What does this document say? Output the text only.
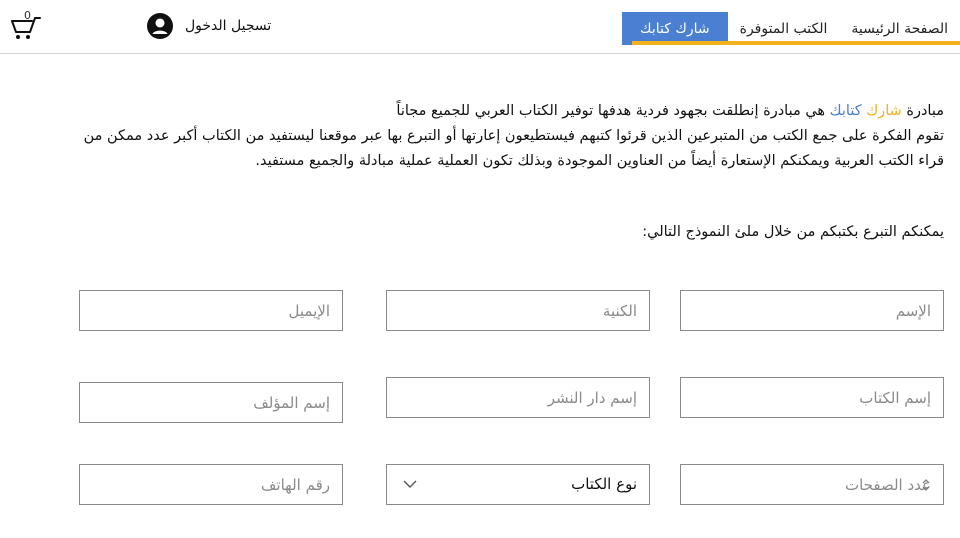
الصفحة الرئيسية
الكتب المتوفرة
شارك كتابك
تسجيل الدخول
0
مبادرة شارك كتابك هي مبادرة إنطلقت بجهود فردية هدفها توفير الكتاب العربي للجميع مجاناً
تقوم الفكرة على جمع الكتب من المتبرعين الذين قرئوا كتبهم فيستطيعون إعارتها أو التبرع بها عبر موقعنا ليستفيد من الكتاب أكبر عدد ممكن من
قراء الكتب العربية ويمكنكم الإستعارة أيضاً من العناوين الموجودة وبذلك تكون العملية عملية مبادلة والجميع مستفيد.
يمكنكم التبرع بكتبكم من خلال ملئ النموذج التالي:
الإسم
الكنية
الإيميل
إسم الكتاب
إسم دار النشر
إسم المؤلف
عدد الصفحات
نوع الكتاب
رقم الهاتف
